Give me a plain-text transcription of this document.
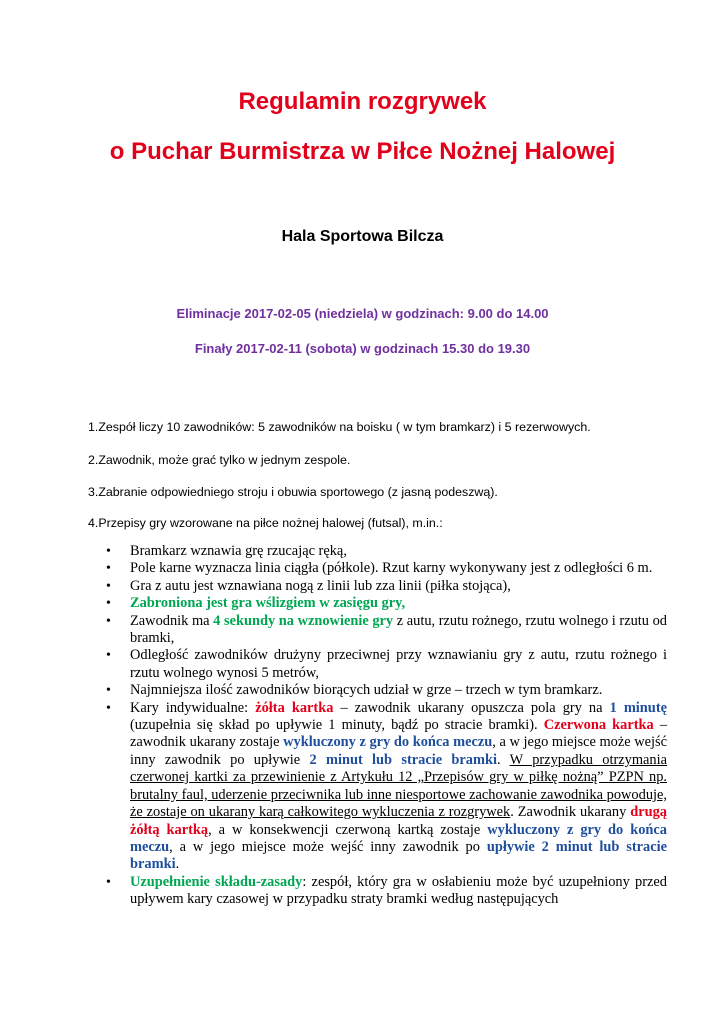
Regulamin rozgrywek
o Puchar Burmistrza w Piłce Nożnej Halowej

Hala Sportowa Bilcza

Eliminacje 2017-02-05 (niedziela) w godzinach: 9.00 do 14.00

Finały 2017-02-11 (sobota) w godzinach 15.30 do 19.30

1.Zespół liczy 10 zawodników: 5 zawodników na boisku ( w tym bramkarz) i 5 rezerwowych.

2.Zawodnik, może grać tylko w jednym zespole.

3.Zabranie odpowiedniego stroju i obuwia sportowego (z jasną podeszwą).

4.Przepisy gry wzorowane na piłce nożnej halowej (futsal), m.in.:

• Bramkarz wznawia grę rzucając ręką,
• Pole karne wyznacza linia ciągła (półkole). Rzut karny wykonywany jest z odległości 6 m.
• Gra z autu jest wznawiana nogą z linii lub zza linii (piłka stojąca),
• Zabroniona jest gra wślizgiem w zasięgu gry,
• Zawodnik ma 4 sekundy na wznowienie gry z autu, rzutu rożnego, rzutu wolnego i rzutu od bramki,
• Odległość zawodników drużyny przeciwnej przy wznawianiu gry z autu, rzutu rożnego i rzutu wolnego wynosi 5 metrów,
• Najmniejsza ilość zawodników biorących udział w grze – trzech w tym bramkarz.
• Kary indywidualne: żółta kartka – zawodnik ukarany opuszcza pola gry na 1 minutę (uzupełnia się skład po upływie 1 minuty, bądź po stracie bramki). Czerwona kartka – zawodnik ukarany zostaje wykluczony z gry do końca meczu, a w jego miejsce może wejść inny zawodnik po upływie 2 minut lub stracie bramki. W przypadku otrzymania czerwonej kartki za przewinienie z Artykułu 12 „Przepisów gry w piłkę nożną” PZPN np. brutalny faul, uderzenie przeciwnika lub inne niesportowe zachowanie zawodnika powoduje, że zostaje on ukarany karą całkowitego wykluczenia z rozgrywek. Zawodnik ukarany drugą żółtą kartką, a w konsekwencji czerwoną kartką zostaje wykluczony z gry do końca meczu, a w jego miejsce może wejść inny zawodnik po upływie 2 minut lub stracie bramki.
• Uzupełnienie składu-zasady: zespół, który gra w osłabieniu może być uzupełniony przed upływem kary czasowej w przypadku straty bramki według następujących
